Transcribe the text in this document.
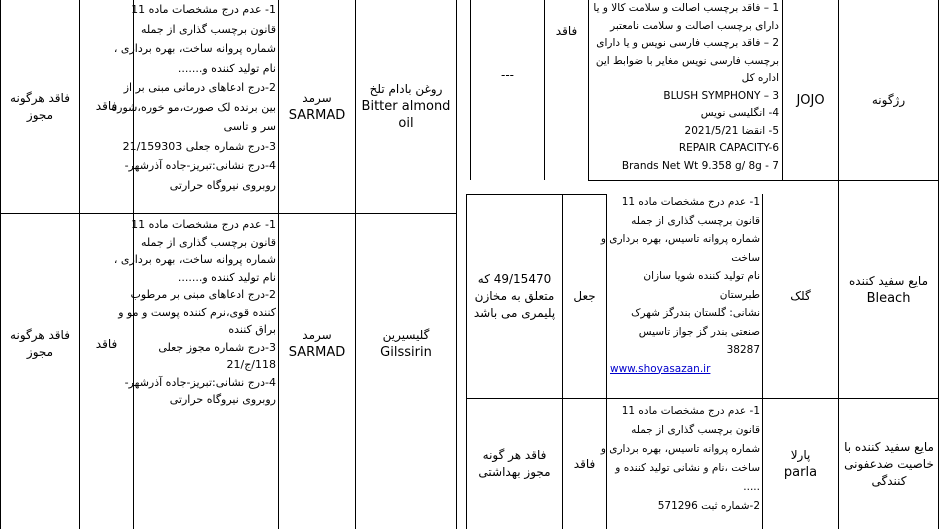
فاقد هرگونه مجوز
فاقد
1- عدم درج مشخصات ماده 11
قانون برچسب گذاری از جمله
شماره پروانه ساخت، بهره برداری ،
نام تولید کننده و.......
2-درج ادعاهای درمانی مبنی بر از
بین برنده لک صورت،مو خوره،شوره
سر و تاسی
3-درج شماره جعلی 21/159303
4-درج نشانی:تبریز-جاده آذرشهر-
روبروی نیروگاه حرارتی
سرمد
SARMAD
روغن بادام تلخ
Bitter almond oil
فاقد هرگونه مجوز
فاقد
1- عدم درج مشخصات ماده 11
قانون برچسب گذاری از جمله
شماره پروانه ساخت، بهره برداری ،
نام تولید کننده و.......
2-درج ادعاهای مبنی بر مرطوب
کننده قوی،نرم کننده پوست و مو و
براق کننده
3-درج شماره مجوز جعلی
118/ج/21
4-درج نشانی:تبریز-جاده آذرشهر-
روبروی نیروگاه حرارتی
سرمد
SARMAD
گلیسیرین
Gilssirin
---
فاقد
1 – فاقد برچسب اصالت و سلامت کالا و یا
دارای برچسب اصالت و سلامت نامعتبر
2 – فاقد برچسب فارسی نویس و یا دارای
برچسب فارسی نویس مغایر با ضوابط این
اداره کل
BLUSH SYMPHONY – 3
4- انگلیسی نویس
5- انقضا 2021/5/21
REPAIR CAPACITY-6
Brands Net Wt 9.358 g/ 8g - 7
JOJO	رژگونه
49/15470 که
متعلق به مخازن
پلیمری می باشد
جعل
1- عدم درج مشخصات ماده 11
قانون برچسب گذاری از جمله
شماره پروانه تاسیس، بهره برداری و
ساخت
نام تولید کننده شویا سازان
طبرستان
نشانی: گلستان بندرگز شهرک
صنعتی بندر گز جواز تاسیس
38287
www.shoyasazan.ir
گلک
مایع سفید کننده
Bleach
فاقد هر گونه مجوز بهداشتی
فاقد
1- عدم درج مشخصات ماده 11
قانون برچسب گذاری از جمله
شماره پروانه تاسیس، بهره برداری و
ساخت ،نام و نشانی تولید کننده و
.....
2-شماره ثبت 571296
پارلا
parla
مایع سفید کننده با خاصیت ضدعفونی کنندگی
